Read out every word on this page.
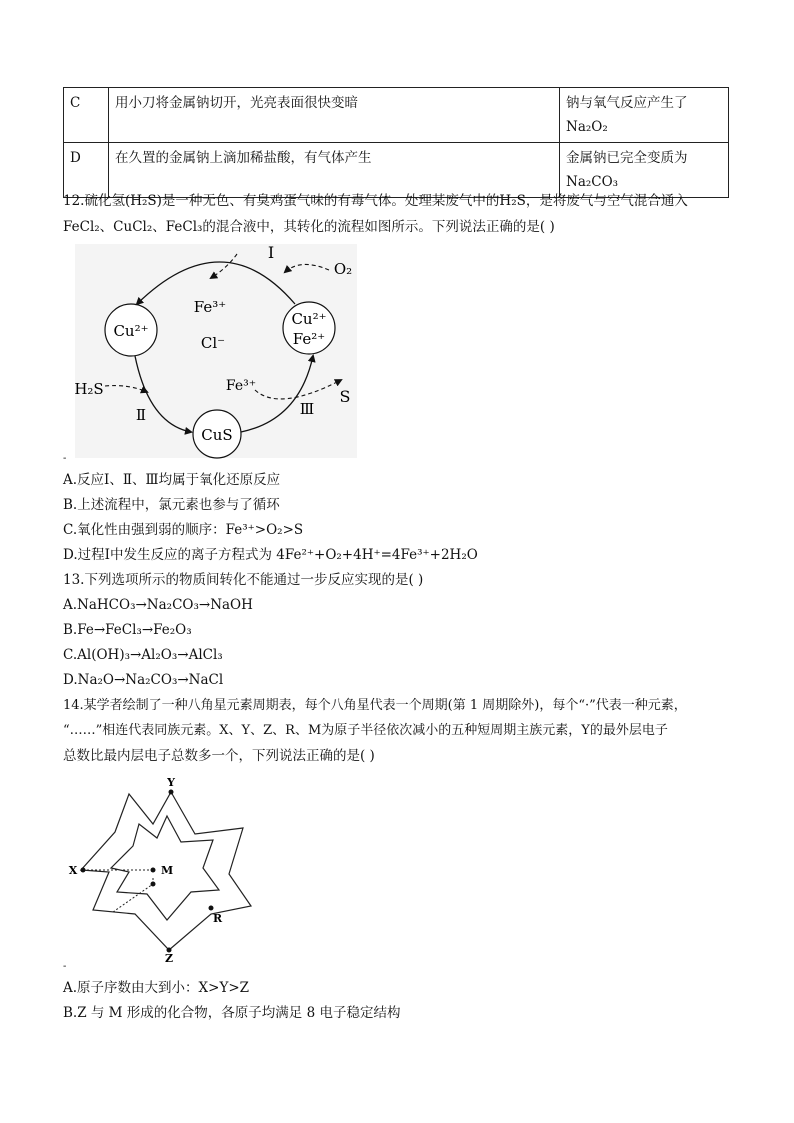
C	用小刀将金属钠切开，光亮表面很快变暗	钠与氧气反应产生了
Na₂O₂

D	在久置的金属钠上滴加稀盐酸，有气体产生	金属钠已完全变质为
Na₂CO₃
12.硫化氢(H₂S)是一种无色、有臭鸡蛋气味的有毒气体。处理某废气中的H₂S，是将废气与空气混合通入
FeCl₂、CuCl₂、FeCl₃的混合液中，其转化的流程如图所示。下列说法正确的是( )
Cu²⁺
CuS
Cu²⁺
Fe²⁺
Fe³⁺
Cl⁻
I
Ⅱ	Ⅲ
O₂
H₂S	Fe³⁺
S
-
A.反应Ⅰ、Ⅱ、Ⅲ均属于氧化还原反应
B.上述流程中，氯元素也参与了循环
C.氧化性由强到弱的顺序：Fe³⁺>O₂>S
D.过程Ⅰ中发生反应的离子方程式为 4Fe²⁺+O₂+4H⁺=4Fe³⁺+2H₂O
13.下列选项所示的物质间转化不能通过一步反应实现的是( )
A.NaHCO₃→Na₂CO₃→NaOH
B.Fe→FeCl₃→Fe₂O₃
C.Al(OH)₃→Al₂O₃→AlCl₃
D.Na₂O→Na₂CO₃→NaCl
14.某学者绘制了一种八角星元素周期表，每个八角星代表一个周期(第 1 周期除外)，每个“·”代表一种元素，
“……”相连代表同族元素。X、Y、Z、R、M为原子半径依次减小的五种短周期主族元素，Y的最外层电子
总数比最内层电子总数多一个，下列说法正确的是( )
Y
X	M
R
Z
-
A.原子序数由大到小：X>Y>Z
B.Z 与 M 形成的化合物，各原子均满足 8 电子稳定结构
